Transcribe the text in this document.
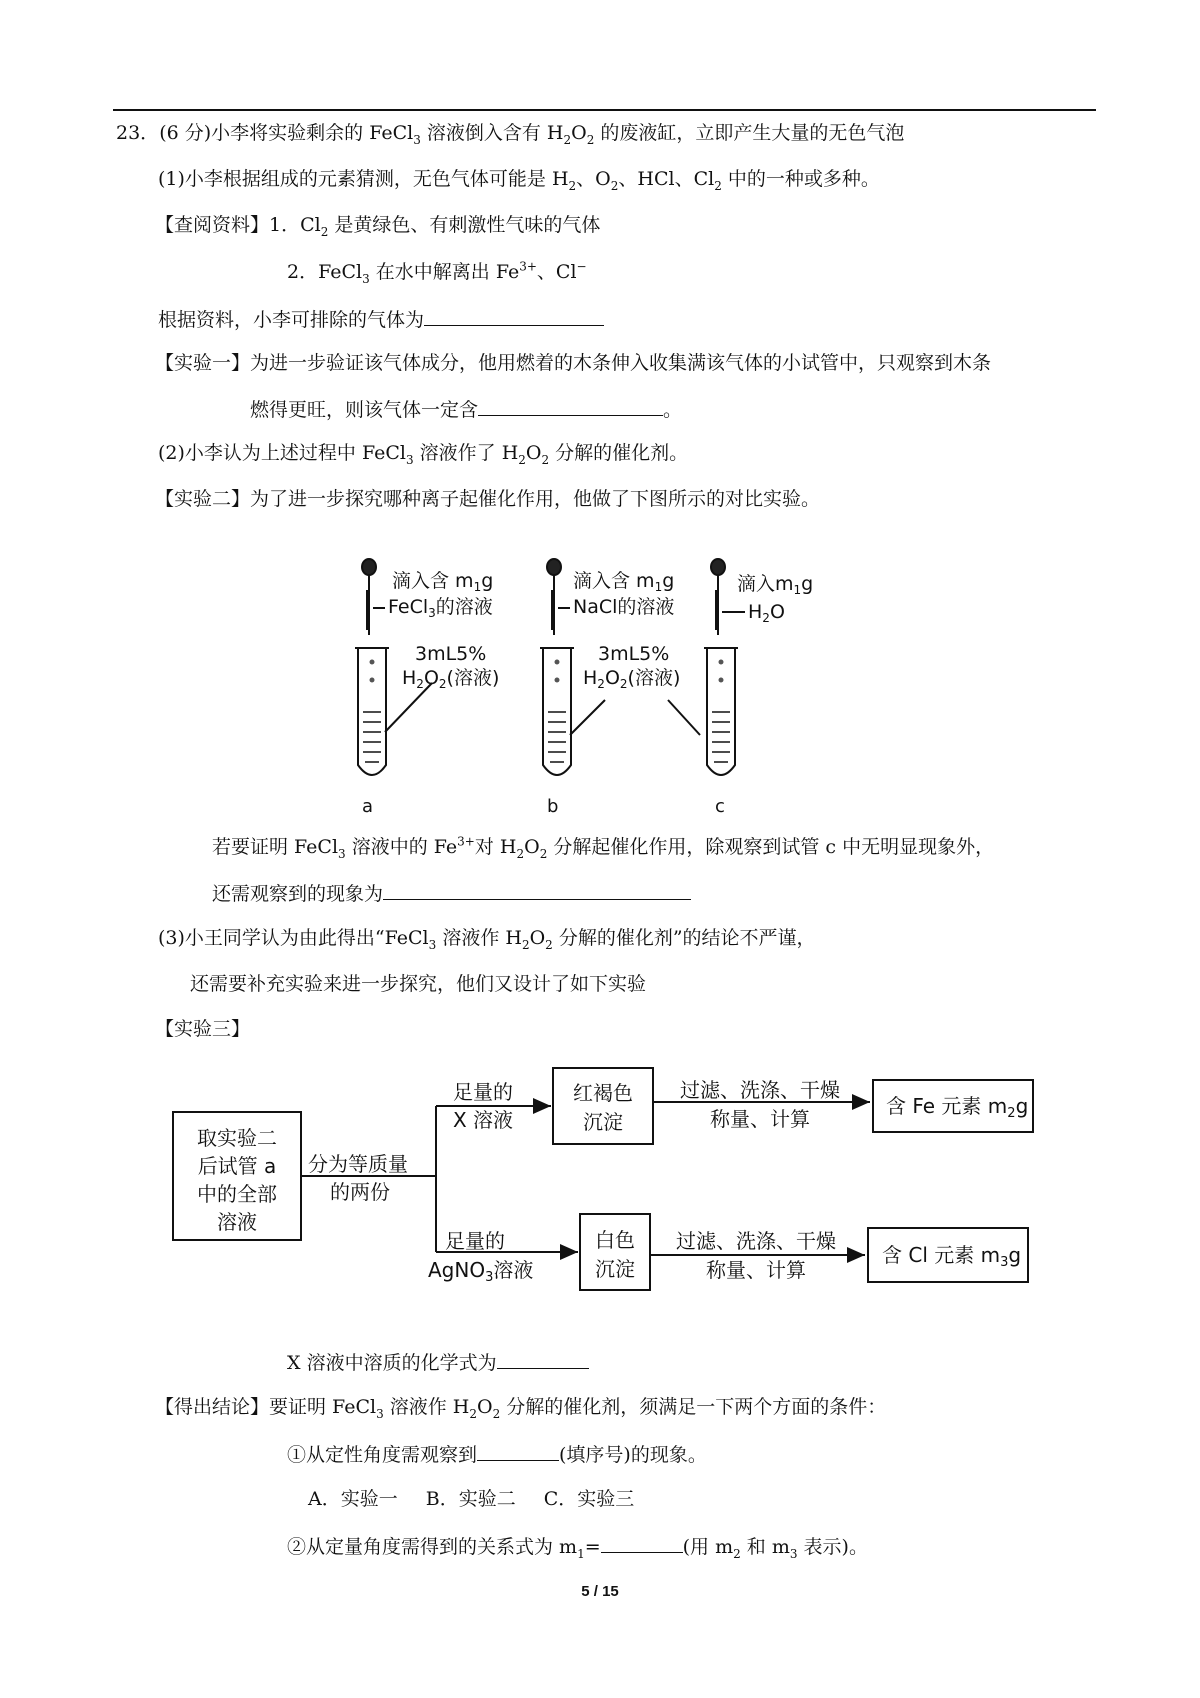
23．(6 分)小李将实验剩余的 FeCl$_3$ 溶液倒入含有 $H_2O_2$ 的废液缸，立即产生大量的无色气泡
(1)小李根据组成的元素猜测，无色气体可能是 $H_2$、$O_2$、HCl、$Cl_2$ 中的一种或多种。
【查阅资料】1．$Cl_2$ 是黄绿色、有刺激性气味的气体
2．FeCl$_3$ 在水中解离出 $Fe^{3+}$、Cl−
根据资料，小李可排除的气体为
【实验一】为进一步验证该气体成分，他用燃着的木条伸入收集满该气体的小试管中，只观察到木条
燃得更旺，则该气体一定含	。
(2)小李认为上述过程中 FeCl$_3$ 溶液作了 $H_2O_2$ 分解的催化剂。
【实验二】为了进一步探究哪种离子起催化作用，他做了下图所示的对比实验。
滴入含 $m_1g$
FeCl$_3$的溶液
3mL5%
$H_2O_2$(溶液)
滴入含 $m_1g$
NaCl的溶液
3mL5%
$H_2O_2$(溶液)
滴入$m_1g$
$H_2O$
a	b	c
若要证明 FeCl$_3$ 溶液中的 $Fe^{3+}$对 $H_2O_2$ 分解起催化作用，除观察到试管 c 中无明显现象外，
还需观察到的现象为
(3)小王同学认为由此得出“FeCl$_3$ 溶液作 $H_2O_2$ 分解的催化剂”的结论不严谨，
还需要补充实验来进一步探究，他们又设计了如下实验
【实验三】
取实验二
后试管 a
中的全部
溶液
分为等质量
的两份
足量的
X 溶液
红褐色
沉淀
过滤、洗涤、干燥
称量、计算
含 Fe 元素 $m_2g$
足量的
AgNO$_3$溶液
白色
沉淀
过滤、洗涤、干燥
称量、计算
含 Cl 元素 $m_3g$
X 溶液中溶质的化学式为
【得出结论】要证明 FeCl$_3$ 溶液作 $H_2O_2$ 分解的催化剂，须满足一下两个方面的条件：
①从定性角度需观察到	(填序号)的现象。
A．实验一 B．实验二 C．实验三
②从定量角度需得到的关系式为 $m_1=$	(用 $m_2$ 和 $m_3$ 表示)。
5 / 15
